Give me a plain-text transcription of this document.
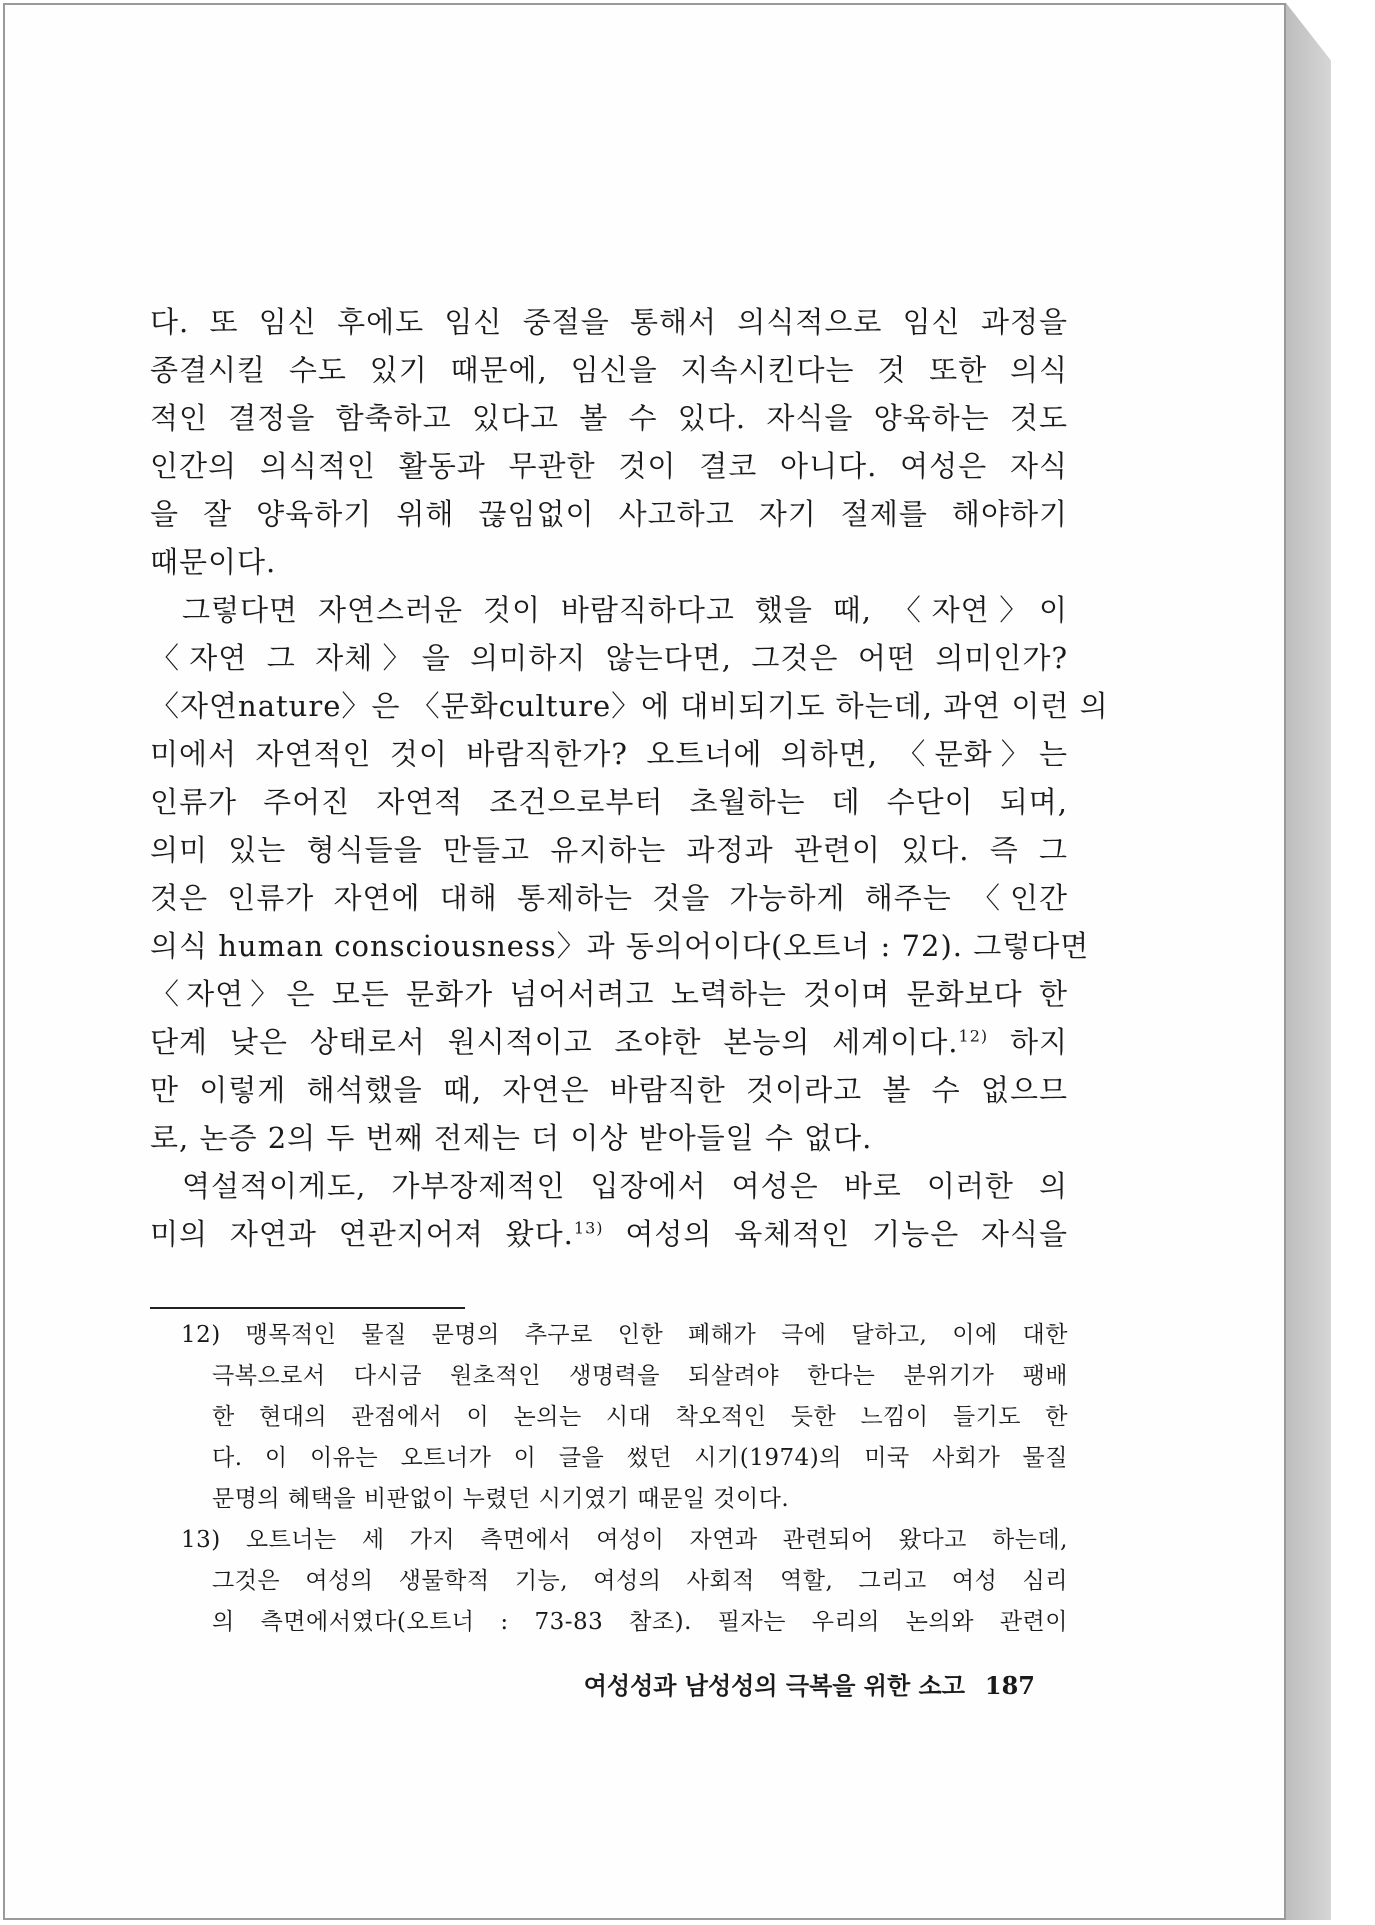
다. 또 임신 후에도 임신 중절을 통해서 의식적으로 임신 과정을
종결시킬 수도 있기 때문에, 임신을 지속시킨다는 것 또한 의식
적인 결정을 함축하고 있다고 볼 수 있다. 자식을 양육하는 것도
인간의 의식적인 활동과 무관한 것이 결코 아니다. 여성은 자식
을 잘 양육하기 위해 끊임없이 사고하고 자기 절제를 해야하기
때문이다.
그렇다면 자연스러운 것이 바람직하다고 했을 때, 〈자연〉이
〈자연 그 자체〉을 의미하지 않는다면, 그것은 어떤 의미인가?
〈자연nature〉은 〈문화culture〉에 대비되기도 하는데, 과연 이런 의
미에서 자연적인 것이 바람직한가? 오트너에 의하면, 〈문화〉는
인류가 주어진 자연적 조건으로부터 초월하는 데 수단이 되며,
의미 있는 형식들을 만들고 유지하는 과정과 관련이 있다. 즉 그
것은 인류가 자연에 대해 통제하는 것을 가능하게 해주는 〈인간
의식 human consciousness〉과 동의어이다(오트너 : 72). 그렇다면
〈자연〉은 모든 문화가 넘어서려고 노력하는 것이며 문화보다 한
단계 낮은 상태로서 원시적이고 조야한 본능의 세계이다.$^{12)}$ 하지
만 이렇게 해석했을 때, 자연은 바람직한 것이라고 볼 수 없으므
로, 논증 2의 두 번째 전제는 더 이상 받아들일 수 없다.
역설적이게도, 가부장제적인 입장에서 여성은 바로 이러한 의
미의 자연과 연관지어져 왔다.$^{13)}$ 여성의 육체적인 기능은 자식을
12) 맹목적인 물질 문명의 추구로 인한 폐해가 극에 달하고, 이에 대한
극복으로서 다시금 원초적인 생명력을 되살려야 한다는 분위기가 팽배
한 현대의 관점에서 이 논의는 시대 착오적인 듯한 느낌이 들기도 한
다. 이 이유는 오트너가 이 글을 썼던 시기(1974)의 미국 사회가 물질
문명의 혜택을 비판없이 누렸던 시기였기 때문일 것이다.
13) 오트너는 세 가지 측면에서 여성이 자연과 관련되어 왔다고 하는데,
그것은 여성의 생물학적 기능, 여성의 사회적 역할, 그리고 여성 심리
의 측면에서였다(오트너 : 73-83 참조). 필자는 우리의 논의와 관련이
여성성과 남성성의 극복을 위한 소고 187
